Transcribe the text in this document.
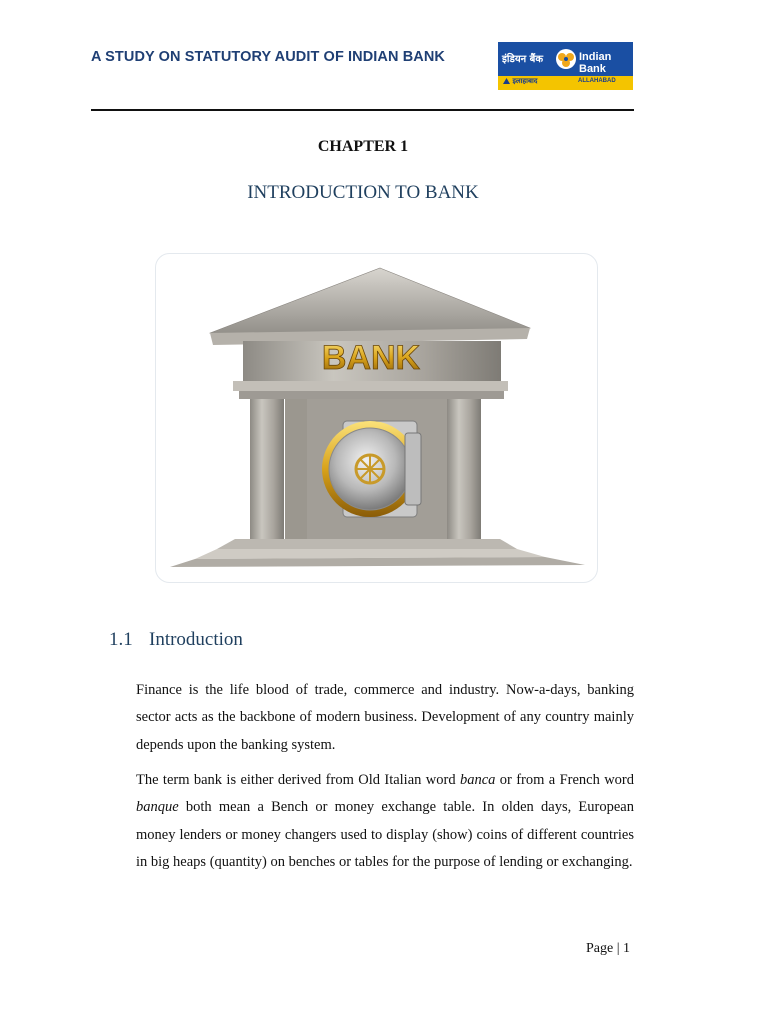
A STUDY ON STATUTORY AUDIT OF INDIAN BANK	इंडियन बैंक	Indian Bank
इलाहाबाद	ALLAHABAD
CHAPTER 1
INTRODUCTION TO BANK
BANK
1.1 Introduction

Finance is the life blood of trade, commerce and industry. Now-a-days, banking sector acts as the backbone of modern business. Development of any country mainly depends upon the banking system.

The term bank is either derived from Old Italian word banca or from a French word banque both mean a Bench or money exchange table. In olden days, European money lenders or money changers used to display (show) coins of different countries in big heaps (quantity) on benches or tables for the purpose of lending or exchanging.

Page | 1
